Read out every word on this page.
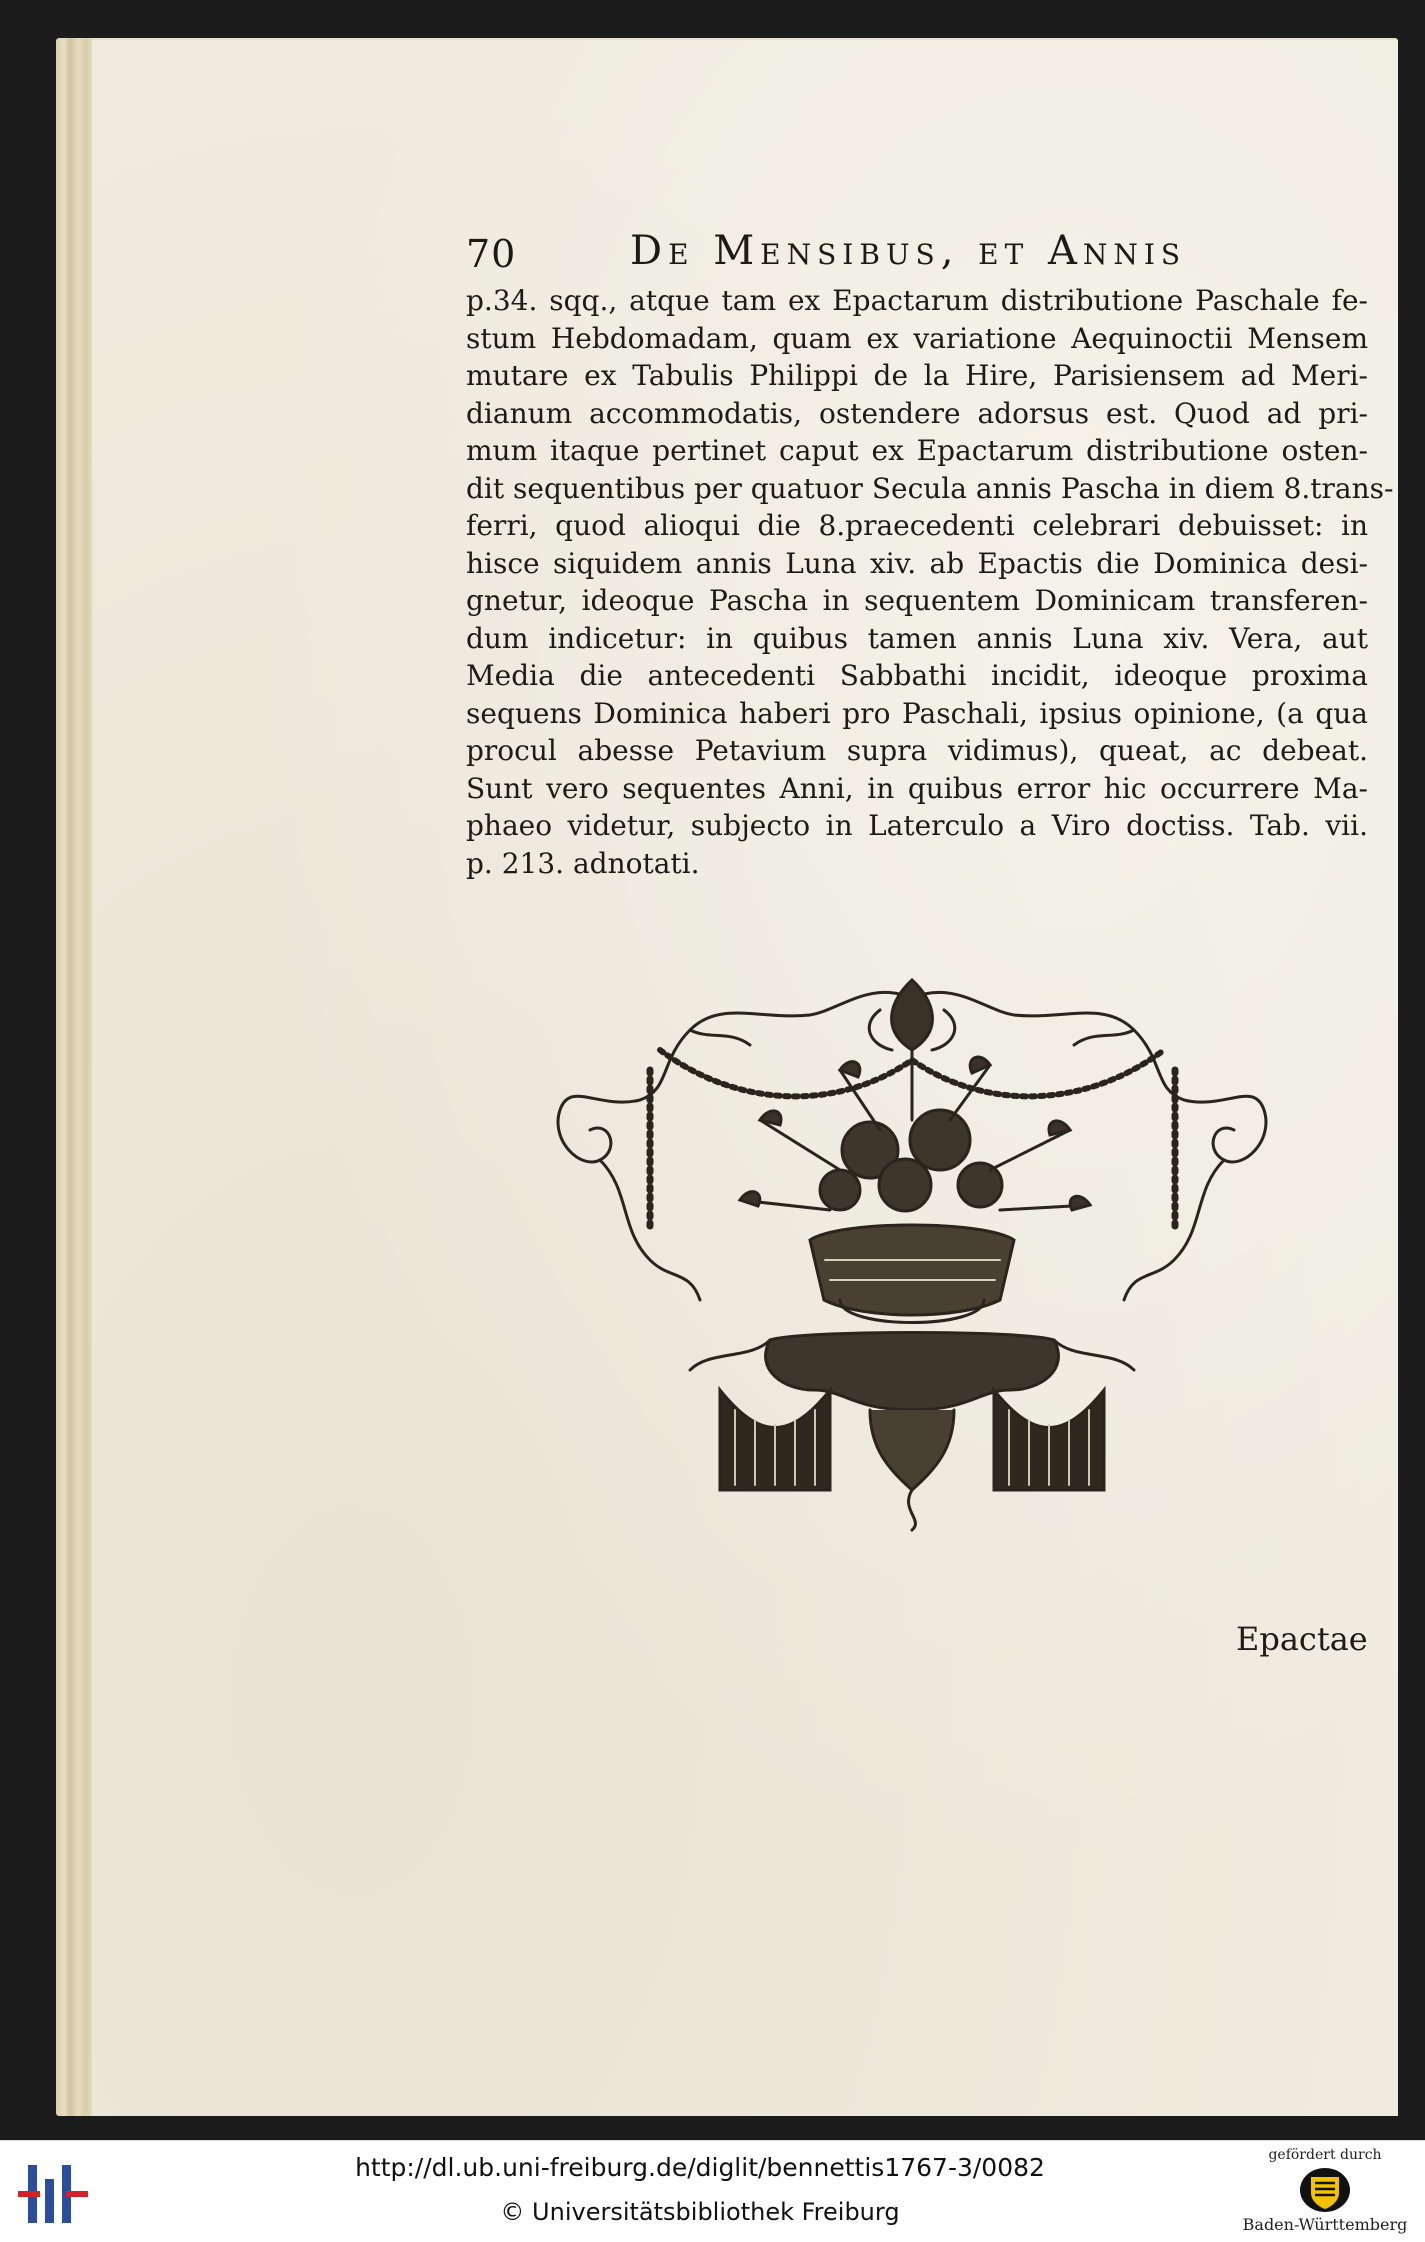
70	De Mensibus, et Annis
p.34. sqq., atque tam ex Epactarum distributione Paschale fe-
stum Hebdomadam, quam ex variatione Aequinoctii Mensem
mutare ex Tabulis Philippi de la Hire, Parisiensem ad Meri-
dianum accommodatis, ostendere adorsus est. Quod ad pri-
mum itaque pertinet caput ex Epactarum distributione osten-
dit sequentibus per quatuor Secula annis Pascha in diem 8.trans-
ferri, quod alioqui die 8.praecedenti celebrari debuisset: in
hisce siquidem annis Luna xiv. ab Epactis die Dominica desi-
gnetur, ideoque Pascha in sequentem Dominicam transferen-
dum indicetur: in quibus tamen annis Luna xiv. Vera, aut
Media die antecedenti Sabbathi incidit, ideoque proxima
sequens Dominica haberi pro Paschali, ipsius opinione, (a qua
procul abesse Petavium supra vidimus), queat, ac debeat.
Sunt vero sequentes Anni, in quibus error hic occurrere Ma-
phaeo videtur, subjecto in Laterculo a Viro doctiss. Tab. vii.
p. 213. adnotati.
Epactae
http://dl.ub.uni-freiburg.de/diglit/bennettis1767-3/0082
© Universitätsbibliothek Freiburg
gefördert durch
Baden-Württemberg
